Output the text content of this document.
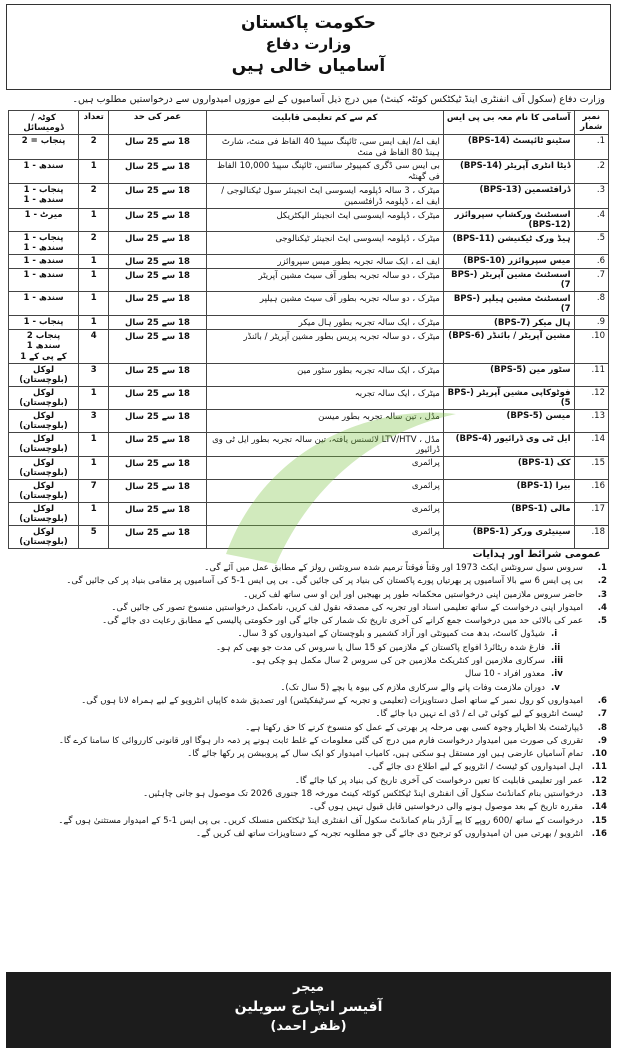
حکومت پاکستان
وزارت دفاع
آسامیاں خالی ہیں
وزارت دفاع (سکول آف انفنٹری اینڈ ٹیکٹکس کوئٹہ کینٹ) میں درج ذیل آسامیوں کے لیے موزوں امیدواروں سے درخواستیں مطلوب ہیں۔
نمبر شمار	آسامی کا نام معہ بی پی ایس	کم سے کم تعلیمی قابلیت	عمر کی حد	تعداد	کوٹہ / ڈومیسائل
1.	سٹینو ٹائپسٹ (BPS-14)	ایف اے/ ایف ایس سی، ٹائپنگ سپیڈ 40 الفاظ فی منٹ، شارٹ ہینڈ 80 الفاظ فی منٹ	18 سے 25 سال	2	پنجاب = 2

2.	ڈیٹا انٹری آپریٹر (BPS-14)	بی ایس سی ڈگری کمپیوٹر سائنس، ٹائپنگ سپیڈ 10,000 الفاظ فی گھنٹہ	18 سے 25 سال	1	سندھ - 1

3.	ڈرافٹسمین (BPS-13)	میٹرک ، 3 سالہ ڈپلومہ ایسوسی ایٹ انجینئر سول ٹیکنالوجی / ایف اے ، ڈپلومہ ڈرافٹسمین	18 سے 25 سال	2	پنجاب - 1
سندھ - 1

4.	اسسٹنٹ ورکشاپ سپروائزر (BPS-12)	میٹرک ، ڈپلومہ ایسوسی ایٹ انجینئر الیکٹریکل	18 سے 25 سال	1	میرٹ - 1

5.	ہیڈ ورک ٹیکنیشن (BPS-11)	میٹرک ، ڈپلومہ ایسوسی ایٹ انجینئر ٹیکنالوجی	18 سے 25 سال	2	پنجاب - 1
سندھ - 1

6.	میس سپروائزر (BPS-10)	ایف اے ، ایک سالہ تجربہ بطور میس سپروائزر	18 سے 25 سال	1	سندھ - 1

7.	اسسٹنٹ مشین آپریٹر (BPS-7)	میٹرک ، دو سالہ تجربہ بطور آف سیٹ مشین آپریٹر	18 سے 25 سال	1	سندھ - 1

8.	اسسٹنٹ مشین ہیلپر (BPS-7)	میٹرک ، دو سالہ تجربہ بطور آف سیٹ مشین ہیلپر	18 سے 25 سال	1	سندھ - 1

9.	ہال میکر (BPS-7)	میٹرک ، ایک سالہ تجربہ بطور ہال میکر	18 سے 25 سال	1	پنجاب - 1

10.	مشین آپریٹر / بائنڈر (BPS-6)	میٹرک ، دو سالہ تجربہ پریس بطور مشین آپریٹر / بائنڈر	18 سے 25 سال	4	پنجاب 2
سندھ 1
کے پی کے 1

11.	سٹور مین (BPS-5)	میٹرک ، ایک سالہ تجربہ بطور سٹور مین	18 سے 25 سال	3	لوکل (بلوچستان)

12.	فوٹوکاپی مشین آپریٹر (BPS-5)	میٹرک ، ایک سالہ تجربہ	18 سے 25 سال	1	لوکل (بلوچستان)

13.	میسن (BPS-5)	مڈل ، تین سالہ تجربہ بطور میسن	18 سے 25 سال	3	لوکل (بلوچستان)

14.	ایل ٹی وی ڈرائیور (BPS-4)	مڈل ، LTV/HTV لائسنس یافتہ، تین سالہ تجربہ بطور ایل ٹی وی ڈرائیور	18 سے 25 سال	1	لوکل (بلوچستان)

15.	کک (BPS-1)	پرائمری	18 سے 25 سال	1	لوکل (بلوچستان)

16.	بیرا (BPS-1)	پرائمری	18 سے 25 سال	7	لوکل (بلوچستان)

17.	مالی (BPS-1)	پرائمری	18 سے 25 سال	1	لوکل (بلوچستان)

18.	سینیٹری ورکر (BPS-1)	پرائمری	18 سے 25 سال	5	لوکل (بلوچستان)
عمومی شرائط اور ہدایات
1.
سروس سول سرونٹس ایکٹ 1973 اور وقتاً فوقتاً ترمیم شدہ سرونٹس رولز کے مطابق عمل میں آئے گی۔
2.
بی پی ایس 6 سے بالا آسامیوں پر بھرتیاں پورے پاکستان کی بنیاد پر کی جائیں گی۔ بی پی ایس 1-5 کی آسامیوں پر مقامی بنیاد پر کی جائیں گی۔
3.
حاضر سروس ملازمین اپنی درخواستیں محکمانہ طور پر بھیجیں اور این او سی ساتھ لف کریں۔
4.
امیدوار اپنی درخواست کے ساتھ تعلیمی اسناد اور تجربہ کی مصدقہ نقول لف کریں، نامکمل درخواستیں منسوخ تصور کی جائیں گی۔
5.
عمر کی بالائی حد میں درخواست جمع کرانے کی آخری تاریخ تک شمار کی جائے گی اور حکومتی پالیسی کے مطابق رعایت دی جائے گی۔
i.
شیڈول کاسٹ، بدھ مت کمیونٹی اور آزاد کشمیر و بلوچستان کے امیدواروں کو 3 سال۔
ii.
فارغ شدہ ریٹائرڈ افواج پاکستان کے ملازمین کو 15 سال یا سروس کی مدت جو بھی کم ہو۔
iii.
سرکاری ملازمین اور کنٹریکٹ ملازمین جن کی سروس 2 سال مکمل ہو چکی ہو۔
iv.
معذور افراد - 10 سال
v.
دوران ملازمت وفات پانے والے سرکاری ملازم کی بیوہ یا بچے (5 سال تک)۔
6.
امیدواروں کو رول نمبر کے ساتھ اصل دستاویزات (تعلیمی و تجربہ کے سرٹیفکیٹس) اور تصدیق شدہ کاپیاں انٹرویو کے لیے ہمراہ لانا ہوں گی۔
7.
ٹیسٹ انٹرویو کے لیے کوئی ٹی اے / ڈی اے نہیں دیا جائے گا۔
8.
ڈیپارٹمنٹ بلا اظہار وجوہ کسی بھی مرحلہ پر بھرتی کے عمل کو منسوخ کرنے کا حق رکھتا ہے۔
9.
تقرری کی صورت میں امیدوار درخواست فارم میں درج کی گئی معلومات کے غلط ثابت ہونے پر ذمہ دار ہوگا اور قانونی کارروائی کا سامنا کرے گا۔
10.
تمام آسامیاں عارضی ہیں اور مستقل ہو سکتی ہیں، کامیاب امیدوار کو ایک سال کے پروبیشن پر رکھا جائے گا۔
11.
اہل امیدواروں کو ٹیسٹ / انٹرویو کے لیے اطلاع دی جائے گی۔
12.
عمر اور تعلیمی قابلیت کا تعین درخواست کی آخری تاریخ کی بنیاد پر کیا جائے گا۔
13.
درخواستیں بنام کمانڈنٹ سکول آف انفنٹری اینڈ ٹیکٹکس کوئٹہ کینٹ مورخہ 18 جنوری 2026 تک موصول ہو جانی چاہئیں۔
14.
مقررہ تاریخ کے بعد موصول ہونے والی درخواستیں قابل قبول نہیں ہوں گی۔
15.
درخواست کے ساتھ /600 روپے کا پے آرڈر بنام کمانڈنٹ سکول آف انفنٹری اینڈ ٹیکٹکس منسلک کریں۔ بی پی ایس 1-5 کے امیدوار مستثنیٰ ہوں گے۔
16.
انٹرویو / بھرتی میں ان امیدواروں کو ترجیح دی جائے گی جو مطلوبہ تجربہ کے دستاویزات ساتھ لف کریں گے۔
میجر
آفیسر انچارج سویلین
(ظفر احمد)
